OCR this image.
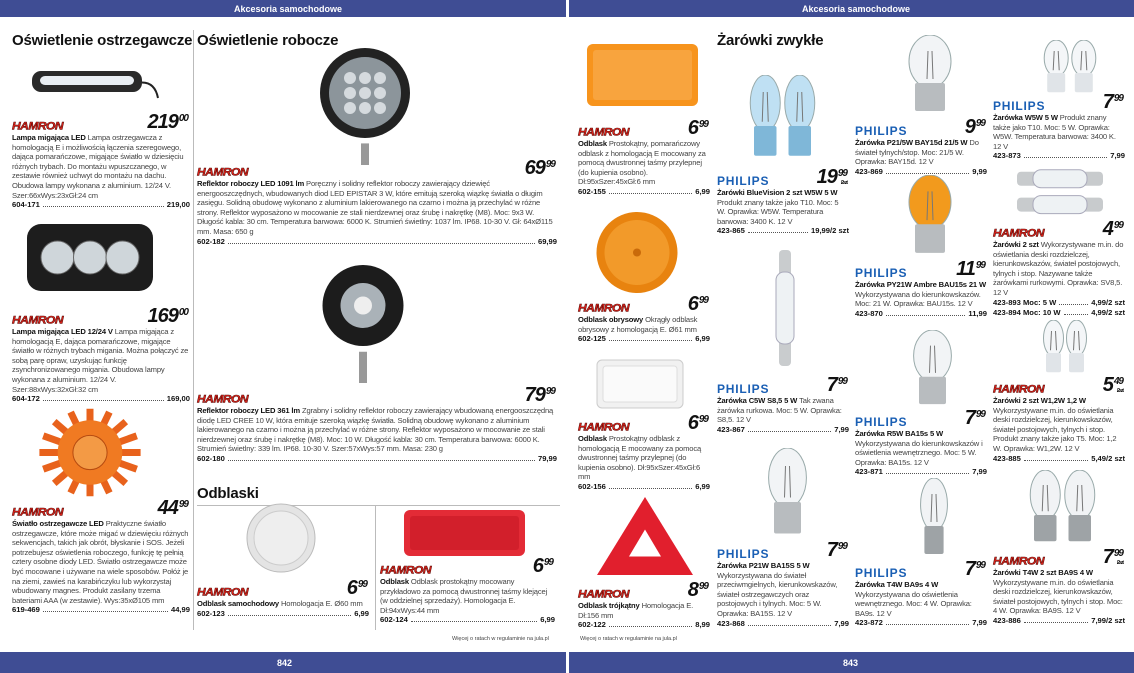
Akcesoria samochodowe	Akcesoria samochodowe
842	843
Oświetlenie ostrzegawcze Oświetlenie robocze
Odblaski
Żarówki zwykłe
Więcej o ratach w regulaminie na jula.pl	Więcej o ratach w regulaminie na jula.pl
HAMRON	$219^{00}$
Lampa migająca LED Lampa ostrzegawcza z homologacją E i możliwością łączenia szeregowego, dająca pomarańczowe, migające światło w dziesięciu różnych trybach. Do montażu wpuszczanego, w zestawie również uchwyt do montażu na dachu. Obudowa lampy wykonana z aluminium. 12/24 V. Szer:66xWys:23xGł:24 cm
604-171	219,00
HAMRON	$169^{00}$
Lampa migająca LED 12/24 V Lampa migająca z homologacją E, dająca pomarańczowe, migające światło w różnych trybach migania. Można połączyć ze sobą parę opraw, uzyskując funkcję zsynchronizowanego migania. Obudowa lampy wykonana z aluminium. 12/24 V. Szer:88xWys:32xGł:32 cm
604-172	169,00
HAMRON	$44^{99}$
Światło ostrzegawcze LED Praktyczne światło ostrzegawcze, które może migać w dziewięciu różnych sekwencjach, takich jak obrót, błyskanie i SOS. Jeżeli potrzebujesz oświetlenia roboczego, funkcję tę pełnią cztery osobne diody LED. Światło ostrzegawcze może być mocowane i używane na wiele sposobów. Połóż je na ziemi, zawieś na karabińczyku lub wykorzystaj wbudowany magnes. Produkt zasilany trzema bateriami AAA (w zestawie). Wys:35xØ105 mm
619-469	44,99
HAMRON	$69^{99}$
Reflektor roboczy LED 1091 lm Poręczny i solidny reflektor roboczy zawierający dziewięć energooszczędnych, wbudowanych diod LED EPISTAR 3 W, które emitują szeroką wiązkę światła o długim zasięgu. Solidną obudowę wykonano z aluminium lakierowanego na czarno i można ją przechylać w różne strony. Reflektor wyposażono w mocowanie ze stali nierdzewnej oraz śrubę i nakrętkę (M8). Moc: 9x3 W. Długość kabla: 30 cm. Temperatura barwowa: 6000 K. Strumień świetlny: 1037 lm. IP68. 10-30 V. Gł: 64xØ115 mm. Masa: 650 g
602-182	69,99
HAMRON	$79^{99}$
Reflektor roboczy LED 361 lm Zgrabny i solidny reflektor roboczy zawierający wbudowaną energooszczędną diodę LED CREE 10 W, która emituje szeroką wiązkę światła. Solidną obudowę wykonano z aluminium lakierowanego na czarno i można ją przechylać w różne strony. Reflektor wyposażono w mocowanie ze stali nierdzewnej oraz śrubę i nakrętkę (M8). Moc: 10 W. Długość kabla: 30 cm. Temperatura barwowa: 6000 K. Strumień świetlny: 339 lm. IP68. 10-30 V. Szer:57xWys:57 mm. Masa: 230 g
602-180	79,99
HAMRON	$6^{99}$
Odblask samochodowy Homologacja E. Ø60 mm
602-123	6,99
HAMRON	$6^{99}$
Odblask Odblask prostokątny mocowany przykładowo za pomocą dwustronnej taśmy klejącej (w oddzielnej sprzedaży). Homologacja E. Dł:94xWys:44 mm
602-124	6,99
HAMRON	$6^{99}$
Odblask Prostokątny, pomarańczowy odblask z homologacją E mocowany za pomocą dwustronnej taśmy przylepnej (do kupienia osobno). Dł:95xSzer:45xGł:6 mm
602-155	6,99
HAMRON	$6^{99}$
Odblask obrysowy Okrągły odblask obrysowy z homologacją E. Ø61 mm
602-125	6,99
HAMRON	$6^{99}$
Odblask Prostokątny odblask z homologacją E mocowany za pomocą dwustronnej taśmy przylepnej (do kupienia osobno). Dł:95xSzer:45xGł:6 mm
602-156	6,99
HAMRON	$8^{99}$
Odblask trójkątny Homologacja E. Dł:156 mm
602-122	8,99
PHILIPS $19^{99}$
/2szt
Żarówki BlueVision 2 szt W5W 5 W Produkt znany także jako T10. Moc: 5 W. Oprawka: W5W. Temperatura barwowa: 3400 K. 12 V
423-865	19,99/2 szt
PHILIPS	$7^{99}$
Żarówka C5W S8,5 5 W Tak zwana żarówka rurkowa. Moc: 5 W. Oprawka: S8,5. 12 V
423-867	7,99
PHILIPS	$7^{99}$
Żarówka P21W BA15S 5 W Wykorzystywana do świateł przeciwmgielnych, kierunkowskazów, świateł ostrzegawczych oraz postojowych i tylnych. Moc: 5 W. Oprawka: BA15S. 12 V
423-868	7,99
PHILIPS	$9^{99}$
Żarówka P21/5W BAY15d 21/5 W Do świateł tylnych/stop. Moc: 21/5 W. Oprawka: BAY15d. 12 V
423-869	9,99
PHILIPS $11^{99}$
Żarówka PY21W Ambre BAU15s 21 W Wykorzystywana do kierunkowskazów. Moc: 21 W. Oprawka: BAU15s. 12 V
423-870	11,99
PHILIPS	$7^{99}$
Żarówka R5W BA15s 5 W Wykorzystywana do kierunkowskazów i oświetlenia wewnętrznego. Moc: 5 W. Oprawka: BA15s. 12 V
423-871	7,99
PHILIPS	$7^{99}$
Żarówka T4W BA9s 4 W Wykorzystywana do oświetlenia wewnętrznego. Moc: 4 W. Oprawka: BA9s. 12 V
423-872	7,99
PHILIPS	$7^{99}$
Żarówka W5W 5 W Produkt znany także jako T10. Moc: 5 W. Oprawka: W5W. Temperatura barwowa: 3400 K. 12 V
423-873	7,99
HAMRON	$4^{99}$
Żarówki 2 szt Wykorzystywane m.in. do oświetlania deski rozdzielczej, kierunkowskazów, świateł postojowych, tylnych i stop. Nazywane także żarówkami rurkowymi. Oprawka: SV8,5. 12 V
423-893 Moc: 5 W	4,99/2 szt
423-894 Moc: 10 W	4,99/2 szt
HAMRON	$5^{49}$
/2szt
Żarówki 2 szt W1,2W 1,2 W Wykorzystywane m.in. do oświetlania deski rozdzielczej, kierunkowskazów, świateł postojowych, tylnych i stop. Produkt znany także jako T5. Moc: 1,2 W. Oprawka: W1,2W. 12 V
423-885	5,49/2 szt
HAMRON	$7^{99}$
/2szt
Żarówki T4W 2 szt BA9S 4 W Wykorzystywane m.in. do oświetlania deski rozdzielczej, kierunkowskazów, świateł postojowych, tylnych i stop. Moc: 4 W. Oprawka: BA9S. 12 V
423-886	7,99/2 szt
